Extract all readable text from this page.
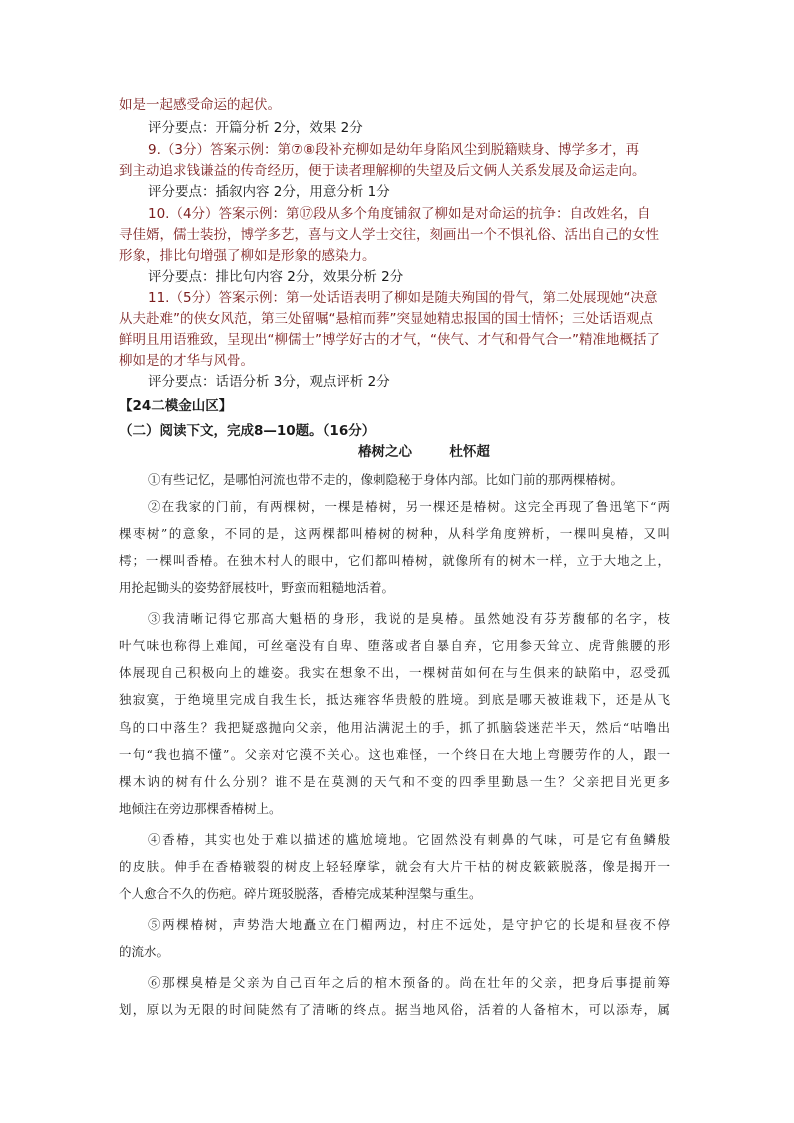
如是一起感受命运的起伏。
评分要点：开篇分析 2分，效果 2分
9.（3分）答案示例：第⑦⑧段补充柳如是幼年身陷风尘到脱籍赎身、博学多才，再
到主动追求钱谦益的传奇经历，便于读者理解柳的失望及后文俩人关系发展及命运走向。
评分要点：插叙内容 2分，用意分析 1分
10.（4分）答案示例：第⑰段从多个角度铺叙了柳如是对命运的抗争：自改姓名，自
寻佳婿，儒士装扮，博学多艺，喜与文人学士交往，刻画出一个不惧礼俗、活出自己的女性
形象，排比句增强了柳如是形象的感染力。
评分要点：排比句内容 2分，效果分析 2分
11.（5分）答案示例：第一处话语表明了柳如是随夫殉国的骨气，第二处展现她“决意
从夫赴难”的侠女风范，第三处留嘱“悬棺而葬”突显她精忠报国的国士情怀；三处话语观点
鲜明且用语雅致，呈现出“柳儒士”博学好古的才气，“侠气、才气和骨气合一”精准地概括了
柳如是的才华与风骨。
评分要点：话语分析 3分，观点评析 2分
【24二模金山区】
（二）阅读下文，完成8—10题。（16分）
椿树之心	杜怀超
①有些记忆，是哪怕河流也带不走的，像刺隐秘于身体内部。比如门前的那两棵椿树。
②在我家的门前，有两棵树，一棵是椿树，另一棵还是椿树。这完全再现了鲁迅笔下“两
棵枣树”的意象，不同的是，这两棵都叫椿树的树种，从科学角度辨析，一棵叫臭椿，又叫
樗；一棵叫香椿。在独木村人的眼中，它们都叫椿树，就像所有的树木一样，立于大地之上，
用抡起锄头的姿势舒展枝叶，野蛮而粗糙地活着。
③我清晰记得它那高大魁梧的身形，我说的是臭椿。虽然她没有芬芳馥郁的名字，枝
叶气味也称得上难闻，可丝毫没有自卑、堕落或者自暴自弃，它用参天耸立、虎背熊腰的形
体展现自己积极向上的雄姿。我实在想象不出，一棵树苗如何在与生俱来的缺陷中，忍受孤
独寂寞，于绝境里完成自我生长，抵达雍容华贵般的胜境。到底是哪天被谁栽下，还是从飞
鸟的口中落生？我把疑惑抛向父亲，他用沾满泥土的手，抓了抓脑袋迷茫半天，然后“咕噜出
一句“我也搞不懂”。父亲对它漠不关心。这也难怪，一个终日在大地上弯腰劳作的人，跟一
棵木讷的树有什么分别？谁不是在莫测的天气和不变的四季里勤恳一生？父亲把目光更多
地倾注在旁边那棵香椿树上。
④香椿，其实也处于难以描述的尴尬境地。它固然没有刺鼻的气味，可是它有鱼鳞般
的皮肤。伸手在香椿皲裂的树皮上轻轻摩挲，就会有大片干枯的树皮簌簌脱落，像是揭开一
个人愈合不久的伤疤。碎片斑驳脱落，香椿完成某种涅槃与重生。
⑤两棵椿树，声势浩大地矗立在门楣两边，村庄不远处，是守护它的长堤和昼夜不停
的流水。
⑥那棵臭椿是父亲为自己百年之后的棺木预备的。尚在壮年的父亲，把身后事提前筹
划，原以为无限的时间陡然有了清晰的终点。据当地风俗，活着的人备棺木，可以添寿，属
